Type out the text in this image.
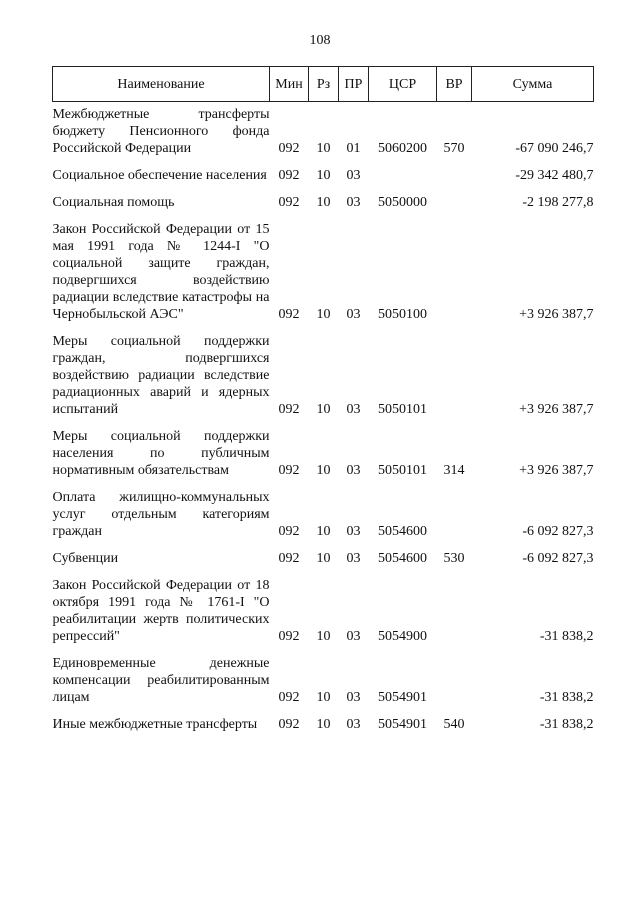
108
Наименование	Мин	Рз	ПР	ЦСР	ВР	Сумма

Межбюджетные трансферты бюджету Пенсионного фонда Российской Федерации	092	10	01	5060200	570	-67 090 246,7

Социальное обеспечение населения	092	10	03			-29 342 480,7

Социальная помощь	092	10	03	5050000		-2 198 277,8

Закон Российской Федерации от 15 мая 1991 года № 1244-I "О социальной защите граждан, подвергшихся воздействию радиации вследствие катастрофы на Чернобыльской АЭС"	092	10	03	5050100		+3 926 387,7

Меры социальной поддержки граждан, подвергшихся воздействию радиации вследствие радиационных аварий и ядерных испытаний	092	10	03	5050101		+3 926 387,7

Меры социальной поддержки населения по публичным нормативным обязательствам	092	10	03	5050101	314	+3 926 387,7

Оплата жилищно-коммунальных услуг отдельным категориям граждан	092	10	03	5054600		-6 092 827,3

Субвенции	092	10	03	5054600	530	-6 092 827,3

Закон Российской Федерации от 18 октября 1991 года № 1761-I "О реабилитации жертв политических репрессий"	092	10	03	5054900		-31 838,2

Единовременные денежные компенсации реабилитированным лицам	092	10	03	5054901		-31 838,2

Иные межбюджетные трансферты	092	10	03	5054901	540	-31 838,2
